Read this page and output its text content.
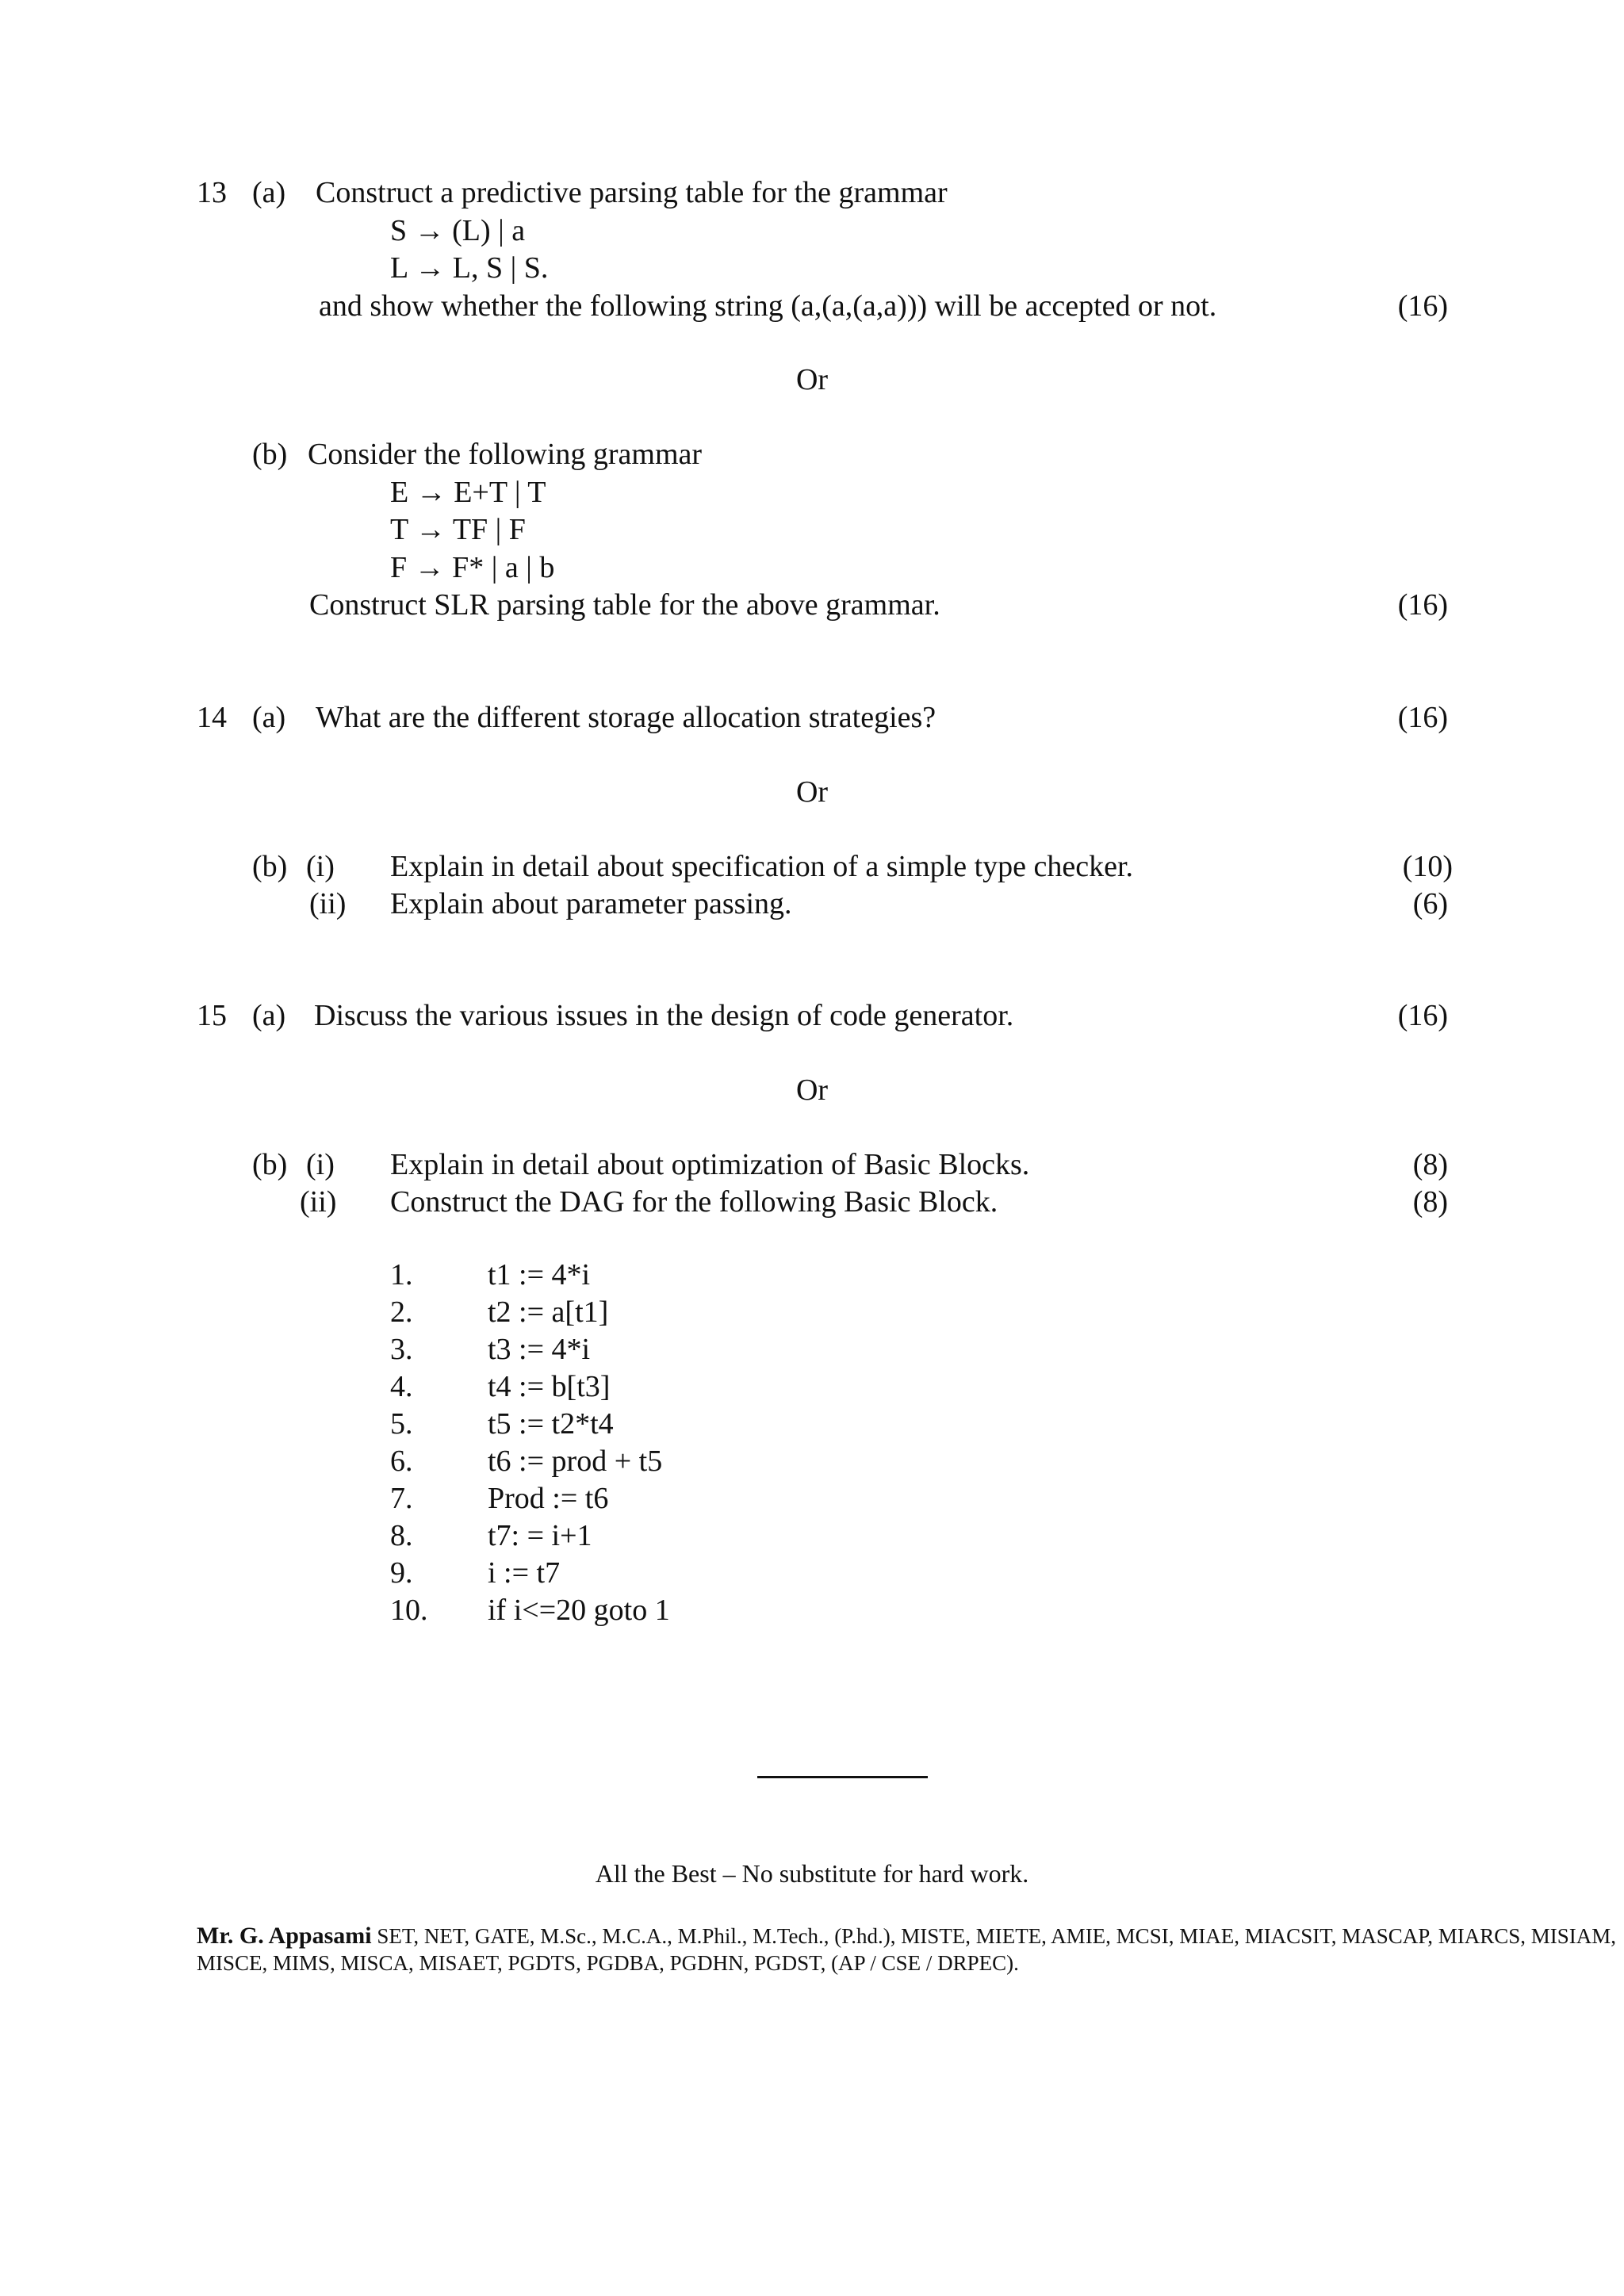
13 (a) Construct a predictive parsing table for the grammar
S → (L) | a
L → L, S | S.
and show whether the following string (a,(a,(a,a))) will be accepted or not.	(16)
Or
(b) Consider the following grammar
E → E+T | T
T → TF | F
F → F* | a | b
Construct SLR parsing table for the above grammar.	(16)
14 (a) What are the different storage allocation strategies?	(16)
Or
(b) (i) Explain in detail about specification of a simple type checker.	(10)
(ii) Explain about parameter passing.	(6)
15 (a) Discuss the various issues in the design of code generator.	(16)
Or
(b) (i) Explain in detail about optimization of Basic Blocks.	(8)
(ii) Construct the DAG for the following Basic Block.	(8)
1. t1 := 4*i
2. t2 := a[t1]
3. t3 := 4*i
4. t4 := b[t3]
5. t5 := t2*t4
6. t6 := prod + t5
7. Prod := t6
8. t7: = i+1
9. i := t7
10. if i<=20 goto 1
All the Best – No substitute for hard work.
Mr. G. Appasami SET, NET, GATE, M.Sc., M.C.A., M.Phil., M.Tech., (P.hd.), MISTE, MIETE, AMIE, MCSI, MIAE, MIACSIT, MASCAP, MIARCS, MISIAM, MISCE, MIMS, MISCA, MISAET, PGDTS, PGDBA, PGDHN, PGDST, (AP / CSE / DRPEC).
